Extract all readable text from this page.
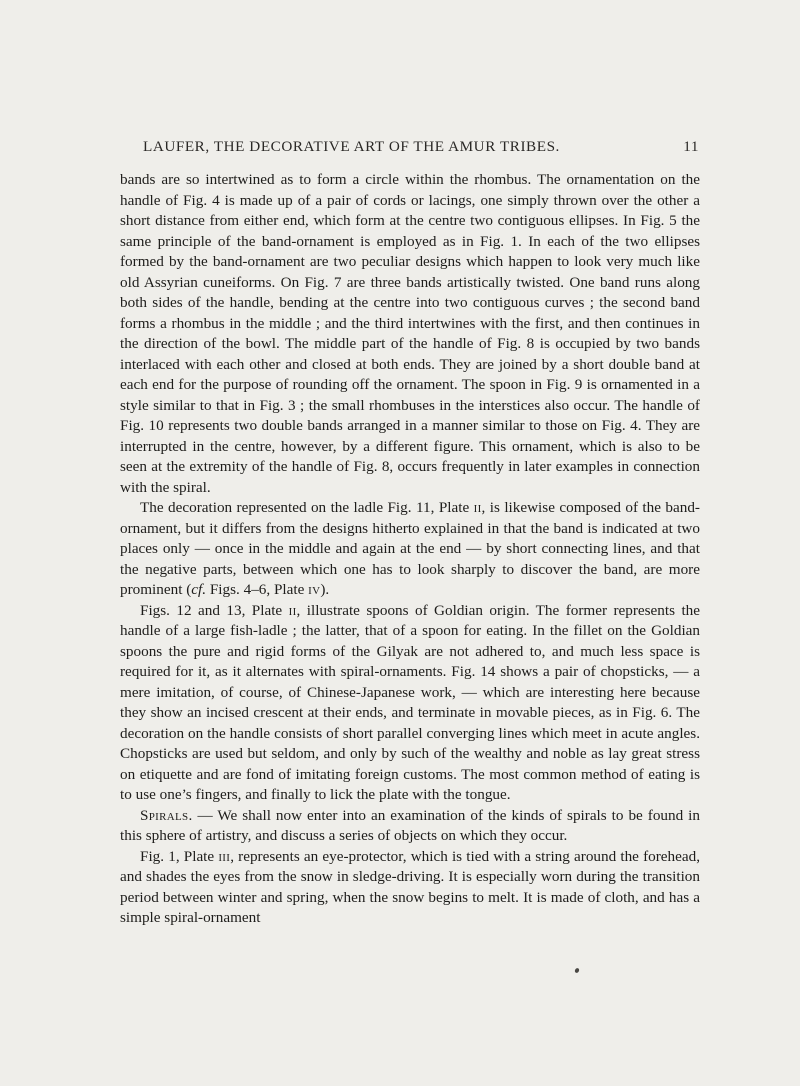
LAUFER, THE DECORATIVE ART OF THE AMUR TRIBES.	11

bands are so intertwined as to form a circle within the rhombus. The ornamentation on the handle of Fig. 4 is made up of a pair of cords or lacings, one simply thrown over the other a short distance from either end, which form at the centre two contiguous ellipses. In Fig. 5 the same principle of the band-ornament is employed as in Fig. 1. In each of the two ellipses formed by the band-ornament are two peculiar designs which happen to look very much like old Assyrian cuneiforms. On Fig. 7 are three bands artistically twisted. One band runs along both sides of the handle, bending at the centre into two contiguous curves ; the second band forms a rhombus in the middle ; and the third intertwines with the first, and then continues in the direction of the bowl. The middle part of the handle of Fig. 8 is occupied by two bands interlaced with each other and closed at both ends. They are joined by a short double band at each end for the purpose of rounding off the ornament. The spoon in Fig. 9 is ornamented in a style similar to that in Fig. 3 ; the small rhombuses in the interstices also occur. The handle of Fig. 10 represents two double bands arranged in a manner similar to those on Fig. 4. They are interrupted in the centre, however, by a different figure. This ornament, which is also to be seen at the extremity of the handle of Fig. 8, occurs frequently in later examples in connection with the spiral.

The decoration represented on the ladle Fig. 11, Plate ii, is likewise composed of the band-ornament, but it differs from the designs hitherto explained in that the band is indicated at two places only — once in the middle and again at the end — by short connecting lines, and that the negative parts, between which one has to look sharply to discover the band, are more prominent (cf. Figs. 4–6, Plate iv).

Figs. 12 and 13, Plate ii, illustrate spoons of Goldian origin. The former represents the handle of a large fish-ladle ; the latter, that of a spoon for eating. In the fillet on the Goldian spoons the pure and rigid forms of the Gilyak are not adhered to, and much less space is required for it, as it alternates with spiral-ornaments. Fig. 14 shows a pair of chopsticks, — a mere imitation, of course, of Chinese-Japanese work, — which are interesting here because they show an incised crescent at their ends, and terminate in movable pieces, as in Fig. 6. The decoration on the handle consists of short parallel converging lines which meet in acute angles. Chopsticks are used but seldom, and only by such of the wealthy and noble as lay great stress on etiquette and are fond of imitating foreign customs. The most common method of eating is to use one’s fingers, and finally to lick the plate with the tongue.

Spirals. — We shall now enter into an examination of the kinds of spirals to be found in this sphere of artistry, and discuss a series of objects on which they occur.

Fig. 1, Plate iii, represents an eye-protector, which is tied with a string around the forehead, and shades the eyes from the snow in sledge-driving. It is especially worn during the transition period between winter and spring, when the snow begins to melt. It is made of cloth, and has a simple spiral-ornament
